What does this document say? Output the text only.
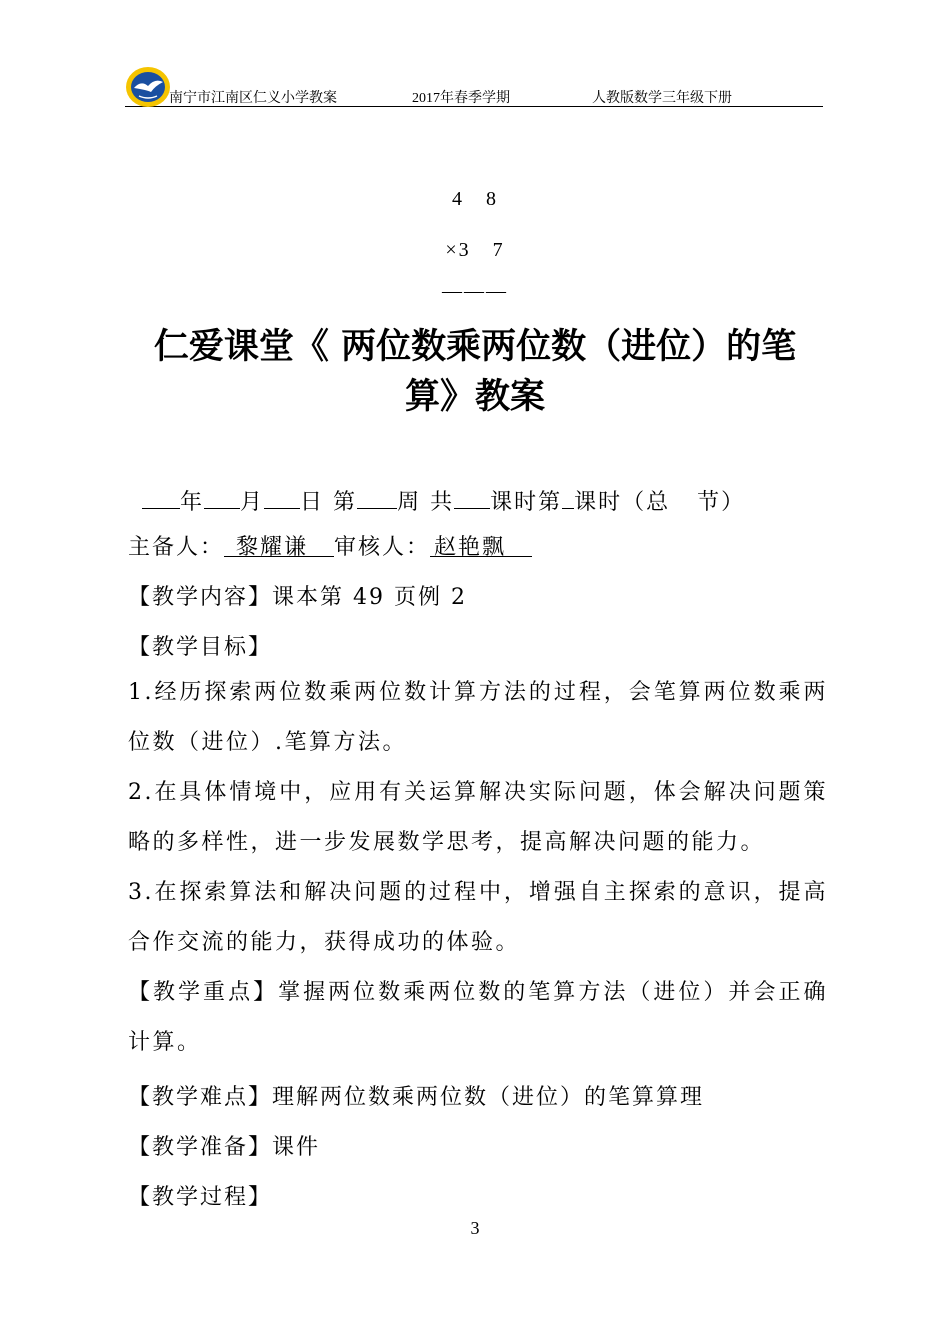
南宁市江南区仁义小学教案	2017年春季学期	人教版数学三年级下册
4　8
×3　7
———
仁爱课堂《 两位数乘两位数（进位）的笔
算》教案
年 月 日 第 周 共 课时第 课时（总 节）
主备人： 黎耀谦 审核人： 赵艳飘
【教学内容】课本第 49 页例 2
【教学目标】
1.经历探索两位数乘两位数计算方法的过程，会笔算两位数乘两位数（进位）.笔算方法。
2.在具体情境中，应用有关运算解决实际问题，体会解决问题策略的多样性，进一步发展数学思考，提高解决问题的能力。
3.在探索算法和解决问题的过程中，增强自主探索的意识，提高合作交流的能力，获得成功的体验。
【教学重点】掌握两位数乘两位数的笔算方法（进位）并会正确计算。
【教学难点】理解两位数乘两位数（进位）的笔算算理
【教学准备】课件
【教学过程】
3
